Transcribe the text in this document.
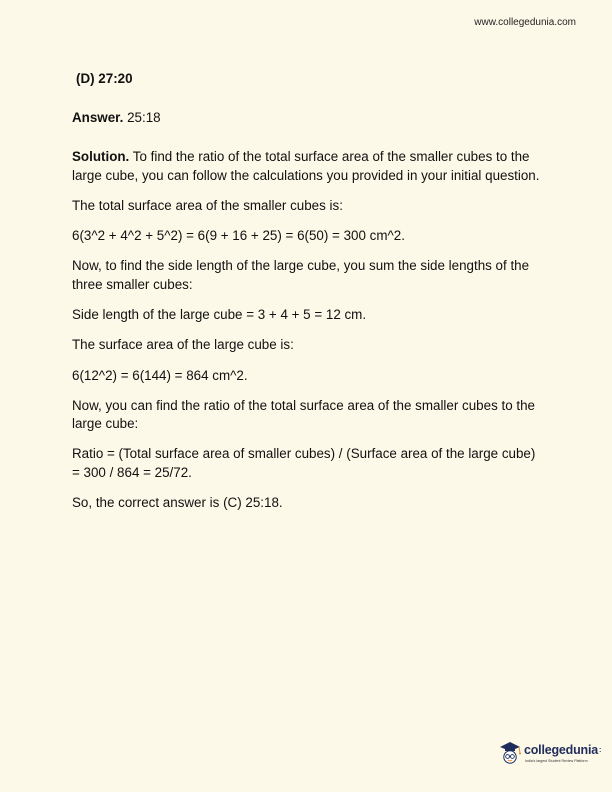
www.collegedunia.com

(D) 27:20

Answer. 25:18

Solution. To find the ratio of the total surface area of the smaller cubes to the large cube, you can follow the calculations you provided in your initial question.

The total surface area of the smaller cubes is:

6(3^2 + 4^2 + 5^2) = 6(9 + 16 + 25) = 6(50) = 300 cm^2.

Now, to find the side length of the large cube, you sum the side lengths of the three smaller cubes:

Side length of the large cube = 3 + 4 + 5 = 12 cm.

The surface area of the large cube is:

6(12^2) = 6(144) = 864 cm^2.

Now, you can find the ratio of the total surface area of the smaller cubes to the large cube:

Ratio = (Total surface area of smaller cubes) / (Surface area of the large cube) = 300 / 864 = 25/72.

So, the correct answer is (C) 25:18.

collegedunia:
India's largest Student Review Platform
